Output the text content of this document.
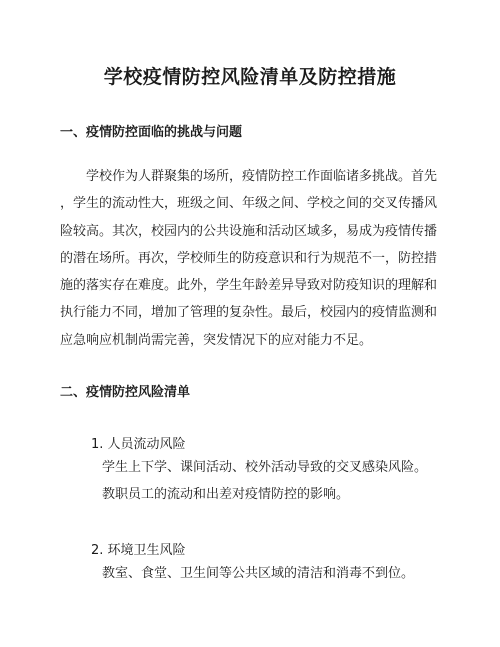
学校疫情防控风险清单及防控措施
一、疫情防控面临的挑战与问题
学校作为人群聚集的场所，疫情防控工作面临诸多挑战。首先
，学生的流动性大，班级之间、年级之间、学校之间的交叉传播风
险较高。其次，校园内的公共设施和活动区域多，易成为疫情传播
的潜在场所。再次，学校师生的防疫意识和行为规范不一，防控措
施的落实存在难度。此外，学生年龄差异导致对防疫知识的理解和
执行能力不同，增加了管理的复杂性。最后，校园内的疫情监测和
应急响应机制尚需完善，突发情况下的应对能力不足。
二、疫情防控风险清单
1. 人员流动风险

学生上下学、课间活动、校外活动导致的交叉感染风险。

教职员工的流动和出差对疫情防控的影响。

2. 环境卫生风险

教室、食堂、卫生间等公共区域的清洁和消毒不到位。
